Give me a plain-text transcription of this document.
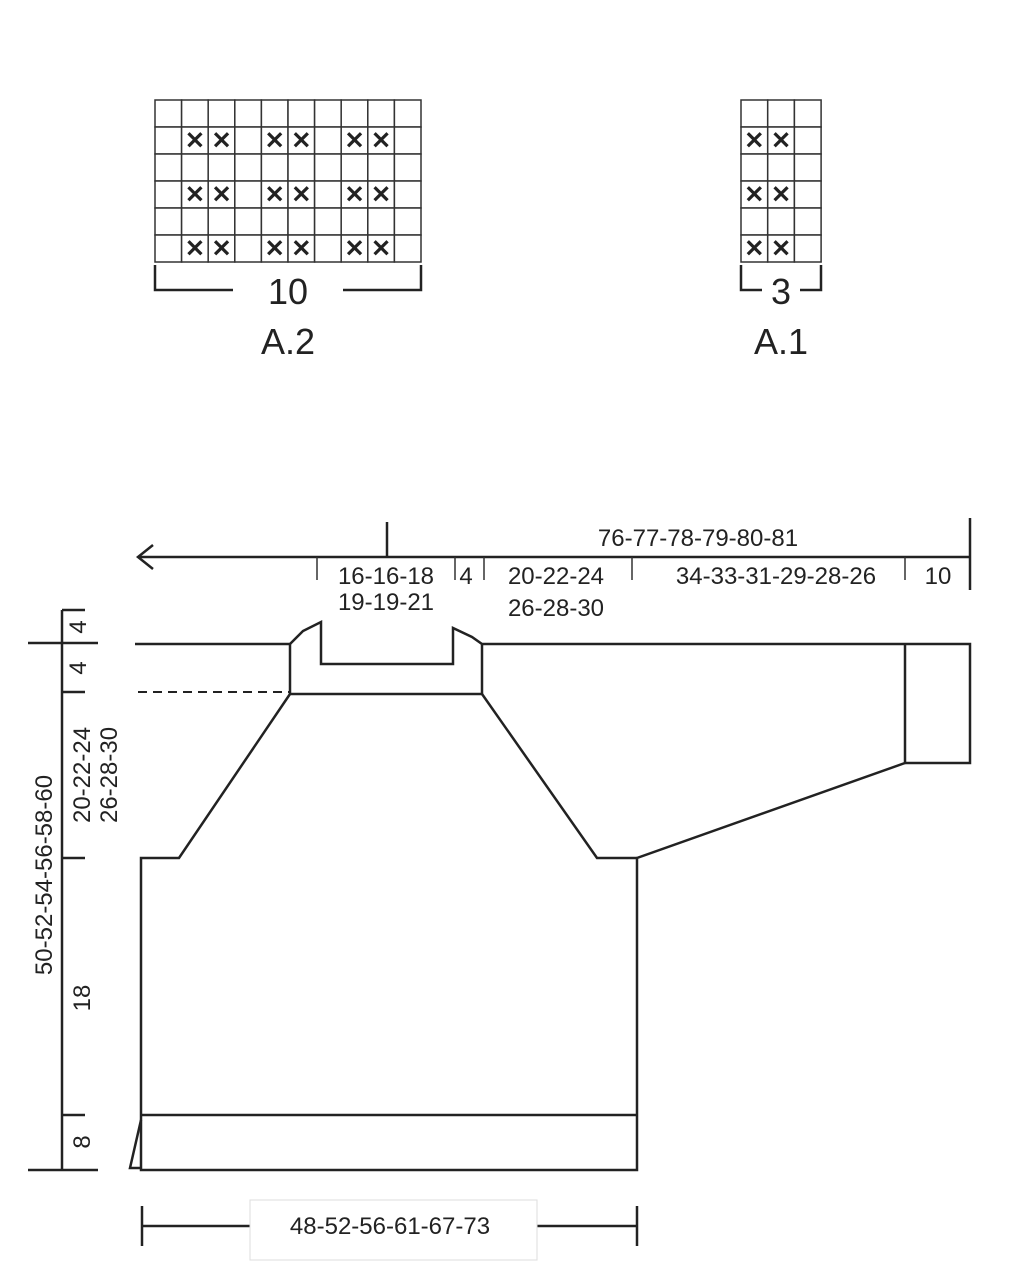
✕ ✕ ✕ ✕ ✕ ✕
✕ ✕ ✕ ✕ ✕ ✕
✕ ✕ ✕ ✕ ✕ ✕
10
A.2
✕ ✕
✕ ✕
✕ ✕
3
A.1
76-77-78-79-80-81
16-16-18
19-19-21
4 20-22-24
26-28-30
34-33-31-29-28-26 10
4
4
20-22-24 26-28-30
50-52-54-56-58-60
18
8
48-52-56-61-67-73
